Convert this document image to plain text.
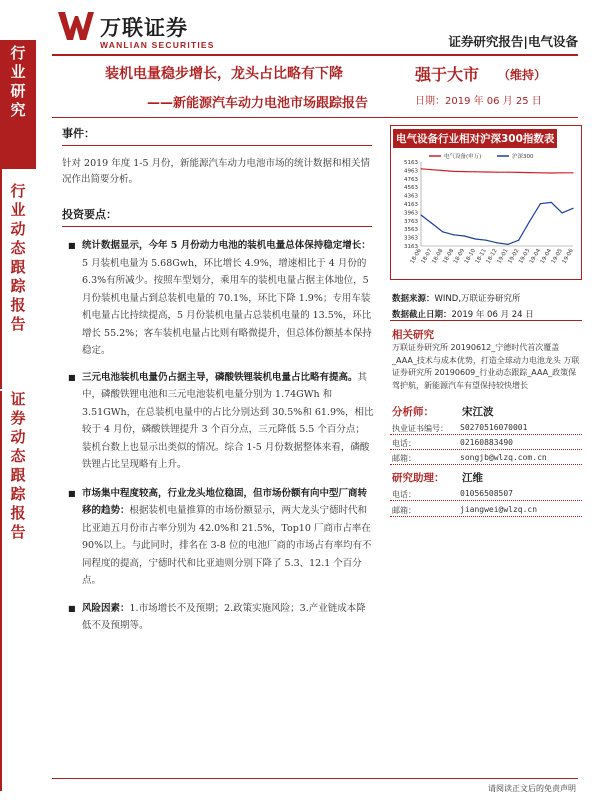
行
业
研
究
行
业
动
态
跟
踪
报
告
证
券
动
态
跟
踪
报
告
万联证券
WANLIAN SECURITIES	证券研究报告|电气设备
装机电量稳步增长，龙头占比略有下降
——新能源汽车动力电池市场跟踪报告
强于大市 （维持）
日期：2019 年 06 月 25 日
事件：
针对 2019 年度 1-5 月份，新能源汽车动力电池市场的统计数据和相关情况作出简要分析。
投资要点：
■ 统计数据显示，今年 5 月份动力电池的装机电量总体保持稳定增长：5 月装机电量为 5.68Gwh，环比增长 4.9%，增速相比于 4 月份的 6.3%有所减少。按照车型划分，乘用车的装机电量占据主体地位，5 月份装机电量占到总装机电量的 70.1%，环比下降 1.9%；专用车装机电量占比持续提高，5 月份装机电量占总装机电量的 13.5%，环比增长 55.2%；客车装机电量占比则有略微提升，但总体份额基本保持稳定。
■ 三元电池装机电量仍占据主导，磷酸铁锂装机电量占比略有提高。其中，磷酸铁锂电池和三元电池装机电量分别为 1.74GWh 和 3.51GWh，在总装机电量中的占比分别达到 30.5%和 61.9%，相比较于 4 月份，磷酸铁锂提升 3 个百分点，三元降低 5.5 个百分点；装机台数上也显示出类似的情况。综合 1-5 月份数据整体来看，磷酸铁锂占比呈现略有上升。
■ 市场集中程度较高，行业龙头地位稳固，但市场份额有向中型厂商转移的趋势：根据装机电量推算的市场份额显示，两大龙头宁德时代和比亚迪五月份市占率分别为 42.0%和 21.5%，Top10 厂商市占率在 90%以上。与此同时，排名在 3-8 位的电池厂商的市场占有率均有不同程度的提高，宁德时代和比亚迪则分别下降了 5.3、12.1 个百分点。
■ 风险因素：1.市场增长不及预期；2.政策实施风险；3.产业链成本降低不及预期等。
电气设备行业相对沪深300指数表
3163
3363
3563
3763
3963
4163
4363
4563
4763
4963
5163
18-06
18-07
18-08
18-08
18-09
18-10
18-11
18-12
19-01
19-02
19-03
19-04
19-04
19-05
19-06
电气设备(申万)	沪深300
数据来源：WIND,万联证券研究所
数据截止日期：2019 年 06 月 24 日
相关研究
万联证券研究所 20190612_宁德时代首次覆盖_AAA_技术与成本优势，打造全球动力电池龙头 万联证券研究所 20190609_行业动态跟踪_AAA_政策保驾护航，新能源汽车有望保持较快增长
分析师：	宋江波
执业证书编号： S0270516070001
电话：	02160883490
邮箱：	songjb@wlzq.com.cn
研究助理： 江维
电话：	01056508507
邮箱：	jiangwei@wlzq.cn
请阅读正文后的免责声明
